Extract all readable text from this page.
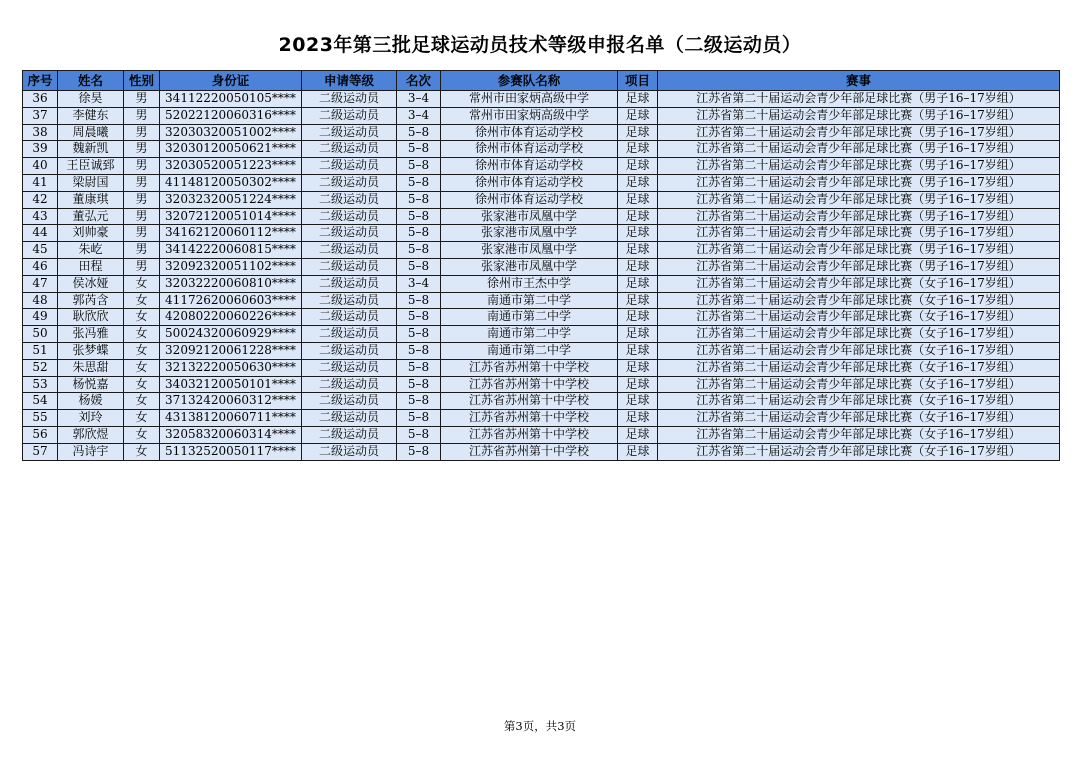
2023年第三批足球运动员技术等级申报名单（二级运动员）
序号	姓名	性别	身份证	申请等级	名次	参赛队名称	项目	赛事
36	徐昊	男	34112220050105****	二级运动员	3–4	常州市田家炳高级中学	足球	江苏省第二十届运动会青少年部足球比赛（男子16–17岁组）
37	李健东	男	52022120060316****	二级运动员	3–4	常州市田家炳高级中学	足球	江苏省第二十届运动会青少年部足球比赛（男子16–17岁组）
38	周晨曦	男	32030320051002****	二级运动员	5–8	徐州市体育运动学校	足球	江苏省第二十届运动会青少年部足球比赛（男子16–17岁组）
39	魏新凯	男	32030120050621****	二级运动员	5–8	徐州市体育运动学校	足球	江苏省第二十届运动会青少年部足球比赛（男子16–17岁组）
40	王臣诚郅	男	32030520051223****	二级运动员	5–8	徐州市体育运动学校	足球	江苏省第二十届运动会青少年部足球比赛（男子16–17岁组）
41	梁尉国	男	41148120050302****	二级运动员	5–8	徐州市体育运动学校	足球	江苏省第二十届运动会青少年部足球比赛（男子16–17岁组）
42	董康琪	男	32032320051224****	二级运动员	5–8	徐州市体育运动学校	足球	江苏省第二十届运动会青少年部足球比赛（男子16–17岁组）
43	董弘元	男	32072120051014****	二级运动员	5–8	张家港市凤凰中学	足球	江苏省第二十届运动会青少年部足球比赛（男子16–17岁组）
44	刘帅豪	男	34162120060112****	二级运动员	5–8	张家港市凤凰中学	足球	江苏省第二十届运动会青少年部足球比赛（男子16–17岁组）
45	朱屹	男	34142220060815****	二级运动员	5–8	张家港市凤凰中学	足球	江苏省第二十届运动会青少年部足球比赛（男子16–17岁组）
46	田程	男	32092320051102****	二级运动员	5–8	张家港市凤凰中学	足球	江苏省第二十届运动会青少年部足球比赛（男子16–17岁组）
47	侯冰娅	女	32032220060810****	二级运动员	3–4	徐州市王杰中学	足球	江苏省第二十届运动会青少年部足球比赛（女子16–17岁组）
48	郭芮含	女	41172620060603****	二级运动员	5–8	南通市第二中学	足球	江苏省第二十届运动会青少年部足球比赛（女子16–17岁组）
49	耿欣欣	女	42080220060226****	二级运动员	5–8	南通市第二中学	足球	江苏省第二十届运动会青少年部足球比赛（女子16–17岁组）
50	张冯雅	女	50024320060929****	二级运动员	5–8	南通市第二中学	足球	江苏省第二十届运动会青少年部足球比赛（女子16–17岁组）
51	张梦蝶	女	32092120061228****	二级运动员	5–8	南通市第二中学	足球	江苏省第二十届运动会青少年部足球比赛（女子16–17岁组）
52	朱思甜	女	32132220050630****	二级运动员	5–8	江苏省苏州第十中学校	足球	江苏省第二十届运动会青少年部足球比赛（女子16–17岁组）
53	杨悦嘉	女	34032120050101****	二级运动员	5–8	江苏省苏州第十中学校	足球	江苏省第二十届运动会青少年部足球比赛（女子16–17岁组）
54	杨媛	女	37132420060312****	二级运动员	5–8	江苏省苏州第十中学校	足球	江苏省第二十届运动会青少年部足球比赛（女子16–17岁组）
55	刘玲	女	43138120060711****	二级运动员	5–8	江苏省苏州第十中学校	足球	江苏省第二十届运动会青少年部足球比赛（女子16–17岁组）
56	郭欣煜	女	32058320060314****	二级运动员	5–8	江苏省苏州第十中学校	足球	江苏省第二十届运动会青少年部足球比赛（女子16–17岁组）
57	冯诗宇	女	51132520050117****	二级运动员	5–8	江苏省苏州第十中学校	足球	江苏省第二十届运动会青少年部足球比赛（女子16–17岁组）
第3页，共3页
